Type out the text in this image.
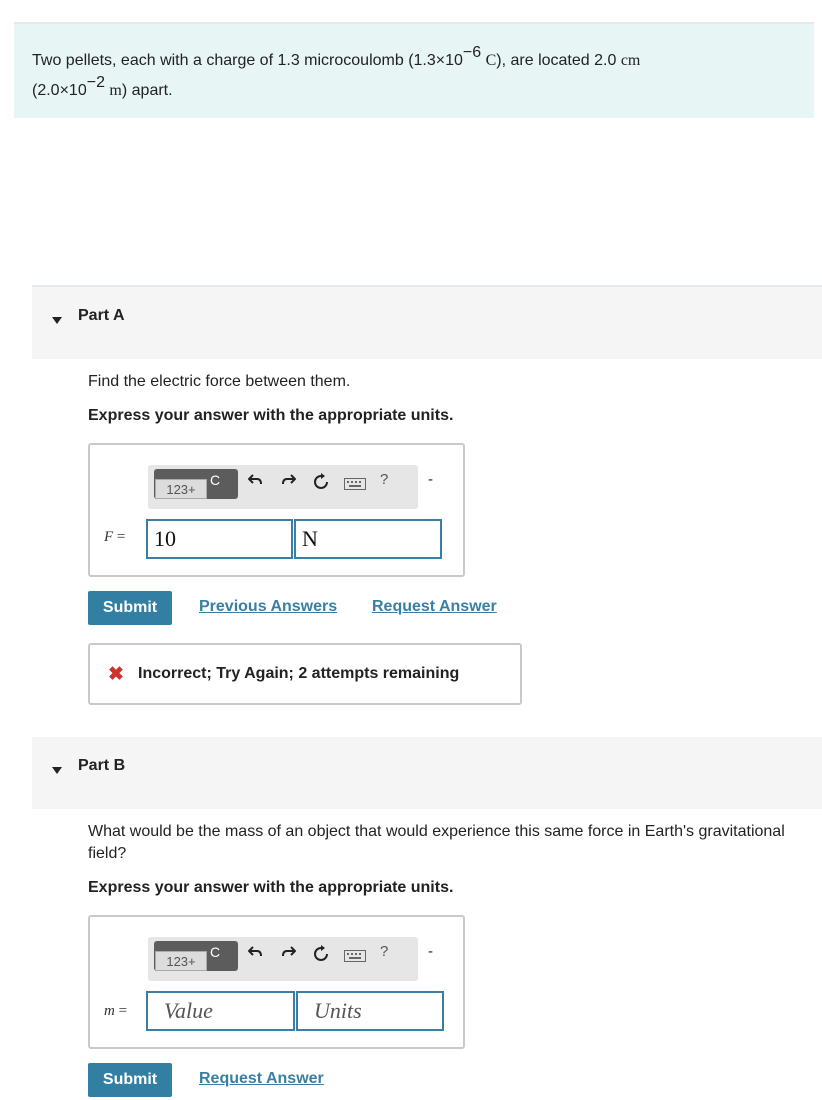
Two pellets, each with a charge of 1.3 microcoulomb ($1.3\times 10^{-6}$ C), are located 2.0 cm
($2.0\times 10^{-2}$ m) apart.
Part A
Find the electric force between them.
Express your answer with the appropriate units.
123+
C	?	-
F =	10	N
Submit	Previous Answers Request Answer
✖ Incorrect; Try Again; 2 attempts remaining
Part B
What would be the mass of an object that would experience this same force in Earth's gravitational field?
Express your answer with the appropriate units.
123+
C	?	-
m =	Value	Units
Submit	Request Answer
